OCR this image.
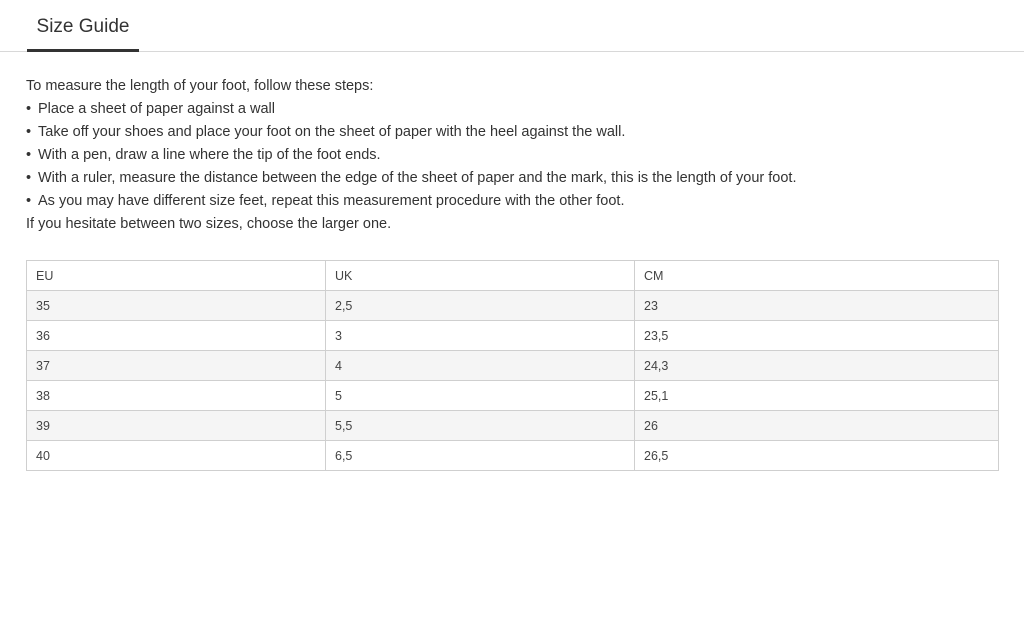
Size Guide

To measure the length of your foot, follow these steps:

• Place a sheet of paper against a wall
• Take off your shoes and place your foot on the sheet of paper with the heel against the wall.
• With a pen, draw a line where the tip of the foot ends.
• With a ruler, measure the distance between the edge of the sheet of paper and the mark, this is the length of your foot.
• As you may have different size feet, repeat this measurement procedure with the other foot.

If you hesitate between two sizes, choose the larger one.

EU	UK	CM
35	2,5	23
36	3	23,5
37	4	24,3
38	5	25,1
39	5,5	26
40	6,5	26,5
